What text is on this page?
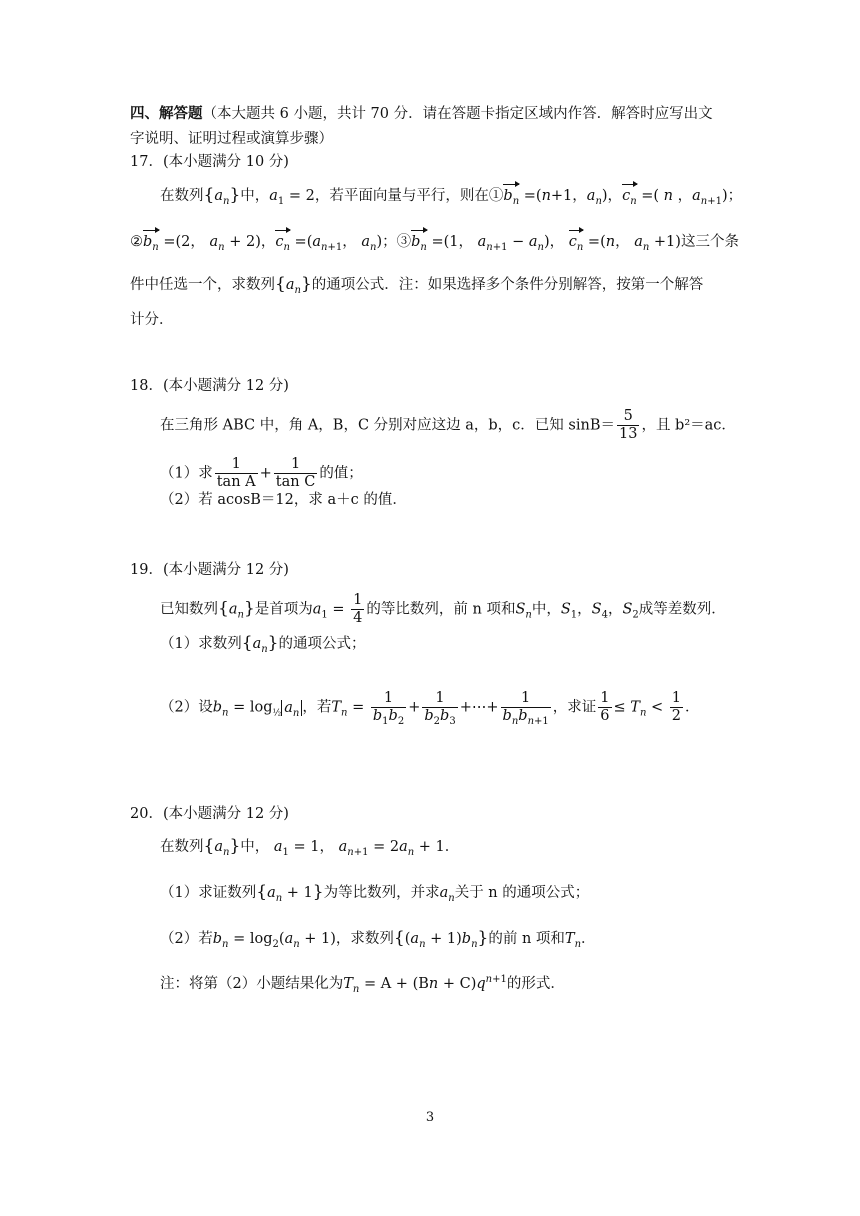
四、解答题（本大题共 6 小题，共计 70 分．请在答题卡指定区域内作答．解答时应写出文
字说明、证明过程或演算步骤）
17．(本小题满分 10 分)
在数列$\{a_n\}$中，$a_1 = 2$，若平面向量与平行，则在$①b_n =(n+1$，$a_n$)，$c_n$ =( n ，$a_{n+1}$)；
$②b_n =(2$， $a_n + 2$)，$c_n =(a_{n+1}$， $a_n$)；$③b_n =(1$， $a_{n+1} - a_n$)， $c_n =(n$， $a_n +1$)这三个条
件中任选一个，求数列$\{a_n\}$的通项公式．注：如果选择多个条件分别解答，按第一个解答
计分．
18．(本小题满分 12 分)
在三角形 ABC 中，角 A，B，C 分别对应这边 a，b，c．已知 $\sin B= \frac{5}{13}$ ，且 b²＝ac．
（1）求 $\frac{1}{\text{tan A}} + \frac{1}{\text{tan C}}$ 的值；
（2）若 acosB＝12，求 a＋c 的值．
19．(本小题满分 12 分)
已知数列$\{a_n\}$是首项为$a_1 = \frac{1}{4}$ 的等比数列，前 n 项和$S_n$中，$S_1$，$S_4$，$S_2$成等差数列．
（1）求数列$\{a_n\}$的通项公式；
（2）设$b_n = \log_{\frac{1}{2}} a_n$ ，若$T_n = \frac{1}{b_1b_2} + \frac{1}{b_2b_3}$ +⋯+ $\frac{1}{b_nb_{n+1}}$ ，求证 $\frac{1}{6} \le T_n < \frac{1}{2}$ ．
20．(本小题满分 12 分)
在数列$\{a_n\}$中， $a_1 = 1$， $a_{n+1} = 2a_n + 1$．
（1）求证数列$\{a_n + 1\}$为等比数列，并求$a_n$关于 n 的通项公式；
（2）若$b_n = \log_2(a_n + 1)$，求数列$\{(a_n + 1)b_n\}$的前 n 项和$T_n$．
注：将第（2）小题结果化为$T_n = A + (Bn + C)q^{n+1}$的形式．
3
